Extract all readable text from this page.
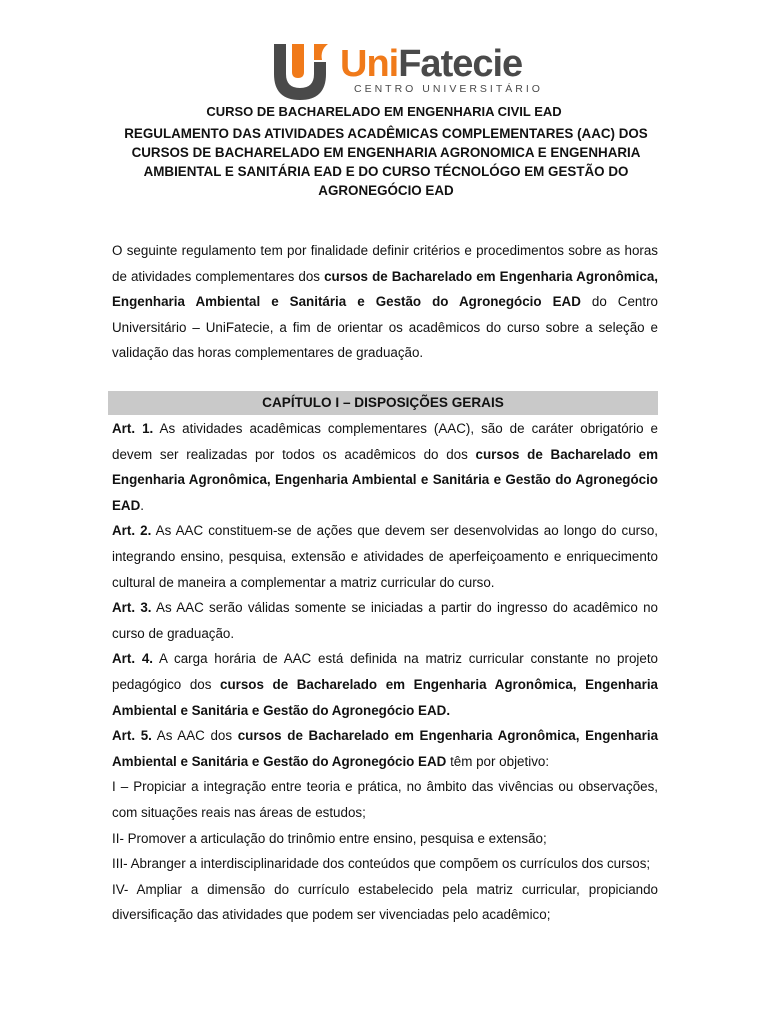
UniFatecie
CENTRO UNIVERSITÁRIO
CURSO DE BACHARELADO EM ENGENHARIA CIVIL EAD
REGULAMENTO DAS ATIVIDADES ACADÊMICAS COMPLEMENTARES (AAC) DOS CURSOS DE BACHARELADO EM ENGENHARIA AGRONOMICA E ENGENHARIA AMBIENTAL E SANITÁRIA EAD E DO CURSO TÉCNOLÓGO EM GESTÃO DO AGRONEGÓCIO EAD
O seguinte regulamento tem por finalidade definir critérios e procedimentos sobre as horas de atividades complementares dos cursos de Bacharelado em Engenharia Agronômica, Engenharia Ambiental e Sanitária e Gestão do Agronegócio EAD do Centro Universitário – UniFatecie, a fim de orientar os acadêmicos do curso sobre a seleção e validação das horas complementares de graduação.
CAPÍTULO I – DISPOSIÇÕES GERAIS

Art. 1. As atividades acadêmicas complementares (AAC), são de caráter obrigatório e devem ser realizadas por todos os acadêmicos do dos cursos de Bacharelado em Engenharia Agronômica, Engenharia Ambiental e Sanitária e Gestão do Agronegócio EAD.

Art. 2. As AAC constituem-se de ações que devem ser desenvolvidas ao longo do curso, integrando ensino, pesquisa, extensão e atividades de aperfeiçoamento e enriquecimento cultural de maneira a complementar a matriz curricular do curso.

Art. 3. As AAC serão válidas somente se iniciadas a partir do ingresso do acadêmico no curso de graduação.

Art. 4. A carga horária de AAC está definida na matriz curricular constante no projeto pedagógico dos cursos de Bacharelado em Engenharia Agronômica, Engenharia Ambiental e Sanitária e Gestão do Agronegócio EAD.

Art. 5. As AAC dos cursos de Bacharelado em Engenharia Agronômica, Engenharia Ambiental e Sanitária e Gestão do Agronegócio EAD têm por objetivo:

I – Propiciar a integração entre teoria e prática, no âmbito das vivências ou observações, com situações reais nas áreas de estudos;

II- Promover a articulação do trinômio entre ensino, pesquisa e extensão;

III- Abranger a interdisciplinaridade dos conteúdos que compõem os currículos dos cursos;

IV- Ampliar a dimensão do currículo estabelecido pela matriz curricular, propiciando diversificação das atividades que podem ser vivenciadas pelo acadêmico;
